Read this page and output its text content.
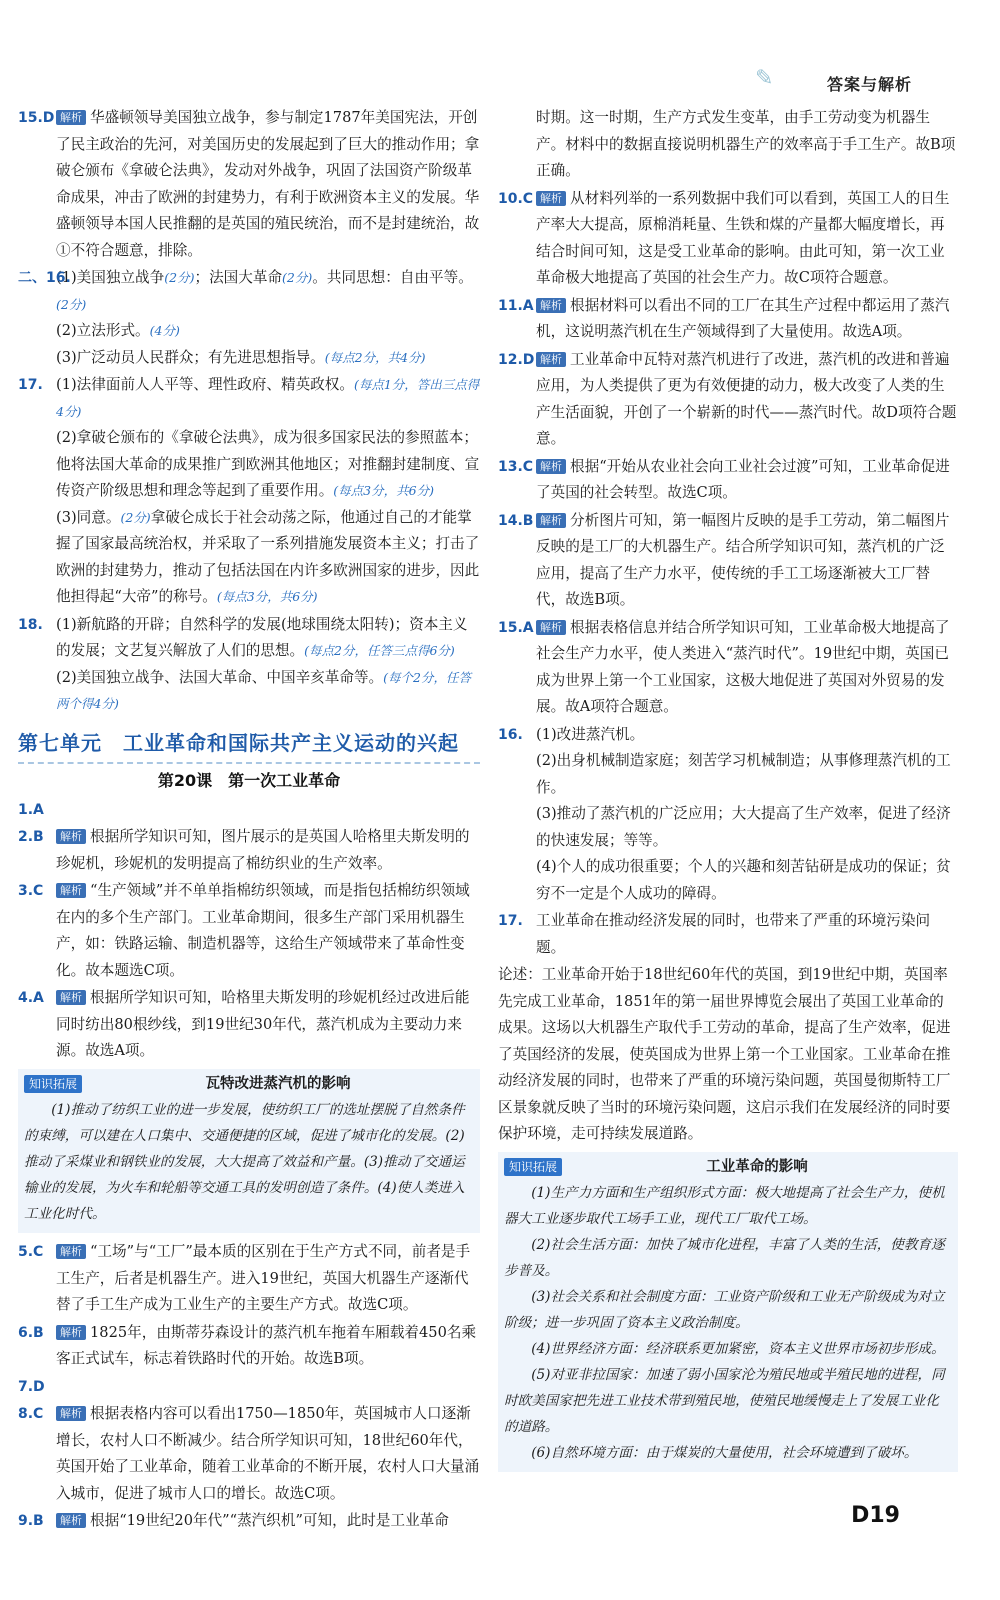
✎	答案与解析
15.D 解析 华盛顿领导美国独立战争，参与制定1787年美国宪法，开创了民主政治的先河，对美国历史的发展起到了巨大的推动作用；拿破仑颁布《拿破仑法典》，发动对外战争，巩固了法国资产阶级革命成果，冲击了欧洲的封建势力，有利于欧洲资本主义的发展。华盛顿领导本国人民推翻的是英国的殖民统治，而不是封建统治，故①不符合题意，排除。
二、16.
(1)美国独立战争(2分)；法国大革命(2分)。共同思想：自由平等。(2分)
(2)立法形式。(4分)
(3)广泛动员人民群众；有先进思想指导。(每点2分，共4分)
17. (1)法律面前人人平等、理性政府、精英政权。(每点1分，答出三点得4分)
(2)拿破仑颁布的《拿破仑法典》，成为很多国家民法的参照蓝本；他将法国大革命的成果推广到欧洲其他地区；对推翻封建制度、宣传资产阶级思想和理念等起到了重要作用。(每点3分，共6分)
(3)同意。(2分)拿破仑成长于社会动荡之际，他通过自己的才能掌握了国家最高统治权，并采取了一系列措施发展资本主义；打击了欧洲的封建势力，推动了包括法国在内许多欧洲国家的进步，因此他担得起“大帝”的称号。(每点3分，共6分)
18. (1)新航路的开辟；自然科学的发展(地球围绕太阳转)；资本主义的发展；文艺复兴解放了人们的思想。(每点2分，任答三点得6分)
(2)美国独立战争、法国大革命、中国辛亥革命等。(每个2分，任答两个得4分)
第七单元　工业革命和国际共产主义运动的兴起
第20课　第一次工业革命
1.A

2.B 解析 根据所学知识可知，图片展示的是英国人哈格里夫斯发明的珍妮机，珍妮机的发明提高了棉纺织业的生产效率。
3.C 解析 “生产领域”并不单单指棉纺织领域，而是指包括棉纺织领域在内的多个生产部门。工业革命期间，很多生产部门采用机器生产，如：铁路运输、制造机器等，这给生产领域带来了革命性变化。故本题选C项。
4.A 解析 根据所学知识可知，哈格里夫斯发明的珍妮机经过改进后能同时纺出80根纱线，到19世纪30年代，蒸汽机成为主要动力来源。故选A项。
知识拓展	瓦特改进蒸汽机的影响
(1)推动了纺织工业的进一步发展，使纺织工厂的选址摆脱了自然条件的束缚，可以建在人口集中、交通便捷的区域，促进了城市化的发展。(2)推动了采煤业和钢铁业的发展，大大提高了效益和产量。(3)推动了交通运输业的发展，为火车和轮船等交通工具的发明创造了条件。(4)使人类进入工业化时代。
5.C 解析 “工场”与“工厂”最本质的区别在于生产方式不同，前者是手工生产，后者是机器生产。进入19世纪，英国大机器生产逐渐代替了手工生产成为工业生产的主要生产方式。故选C项。
6.B 解析 1825年，由斯蒂芬森设计的蒸汽机车拖着车厢载着450名乘客正式试车，标志着铁路时代的开始。故选B项。
7.D

8.C 解析 根据表格内容可以看出1750—1850年，英国城市人口逐渐增长，农村人口不断减少。结合所学知识可知，18世纪60年代，英国开始了工业革命，随着工业革命的不断开展，农村人口大量涌入城市，促进了城市人口的增长。故选C项。
9.B 解析 根据“19世纪20年代”“蒸汽织机”可知，此时是工业革命
时期。这一时期，生产方式发生变革，由手工劳动变为机器生产。材料中的数据直接说明机器生产的效率高于手工生产。故B项正确。
10.C 解析 从材料列举的一系列数据中我们可以看到，英国工人的日生产率大大提高，原棉消耗量、生铁和煤的产量都大幅度增长，再结合时间可知，这是受工业革命的影响。由此可知，第一次工业革命极大地提高了英国的社会生产力。故C项符合题意。
11.A 解析 根据材料可以看出不同的工厂在其生产过程中都运用了蒸汽机，这说明蒸汽机在生产领域得到了大量使用。故选A项。
12.D 解析 工业革命中瓦特对蒸汽机进行了改进，蒸汽机的改进和普遍应用，为人类提供了更为有效便捷的动力，极大改变了人类的生产生活面貌，开创了一个崭新的时代——蒸汽时代。故D项符合题意。
13.C 解析 根据“开始从农业社会向工业社会过渡”可知，工业革命促进了英国的社会转型。故选C项。
14.B 解析 分析图片可知，第一幅图片反映的是手工劳动，第二幅图片反映的是工厂的大机器生产。结合所学知识可知，蒸汽机的广泛应用，提高了生产力水平，使传统的手工工场逐渐被大工厂替代，故选B项。
15.A 解析 根据表格信息并结合所学知识可知，工业革命极大地提高了社会生产力水平，使人类进入“蒸汽时代”。19世纪中期，英国已成为世界上第一个工业国家，这极大地促进了英国对外贸易的发展。故A项符合题意。
16. (1)改进蒸汽机。
(2)出身机械制造家庭；刻苦学习机械制造；从事修理蒸汽机的工作。
(3)推动了蒸汽机的广泛应用；大大提高了生产效率，促进了经济的快速发展；等等。
(4)个人的成功很重要；个人的兴趣和刻苦钻研是成功的保证；贫穷不一定是个人成功的障碍。
17. 工业革命在推动经济发展的同时，也带来了严重的环境污染问题。
论述：工业革命开始于18世纪60年代的英国，到19世纪中期，英国率先完成工业革命，1851年的第一届世界博览会展出了英国工业革命的成果。这场以大机器生产取代手工劳动的革命，提高了生产效率，促进了英国经济的发展，使英国成为世界上第一个工业国家。工业革命在推动经济发展的同时，也带来了严重的环境污染问题，英国曼彻斯特工厂区景象就反映了当时的环境污染问题，这启示我们在发展经济的同时要保护环境，走可持续发展道路。
知识拓展	工业革命的影响
(1)生产力方面和生产组织形式方面：极大地提高了社会生产力，使机器大工业逐步取代工场手工业，现代工厂取代工场。
(2)社会生活方面：加快了城市化进程，丰富了人类的生活，使教育逐步普及。
(3)社会关系和社会制度方面：工业资产阶级和工业无产阶级成为对立阶级；进一步巩固了资本主义政治制度。
(4)世界经济方面：经济联系更加紧密，资本主义世界市场初步形成。
(5)对亚非拉国家：加速了弱小国家沦为殖民地或半殖民地的进程，同时欧美国家把先进工业技术带到殖民地，使殖民地缓慢走上了发展工业化的道路。
(6)自然环境方面：由于煤炭的大量使用，社会环境遭到了破坏。
D19
